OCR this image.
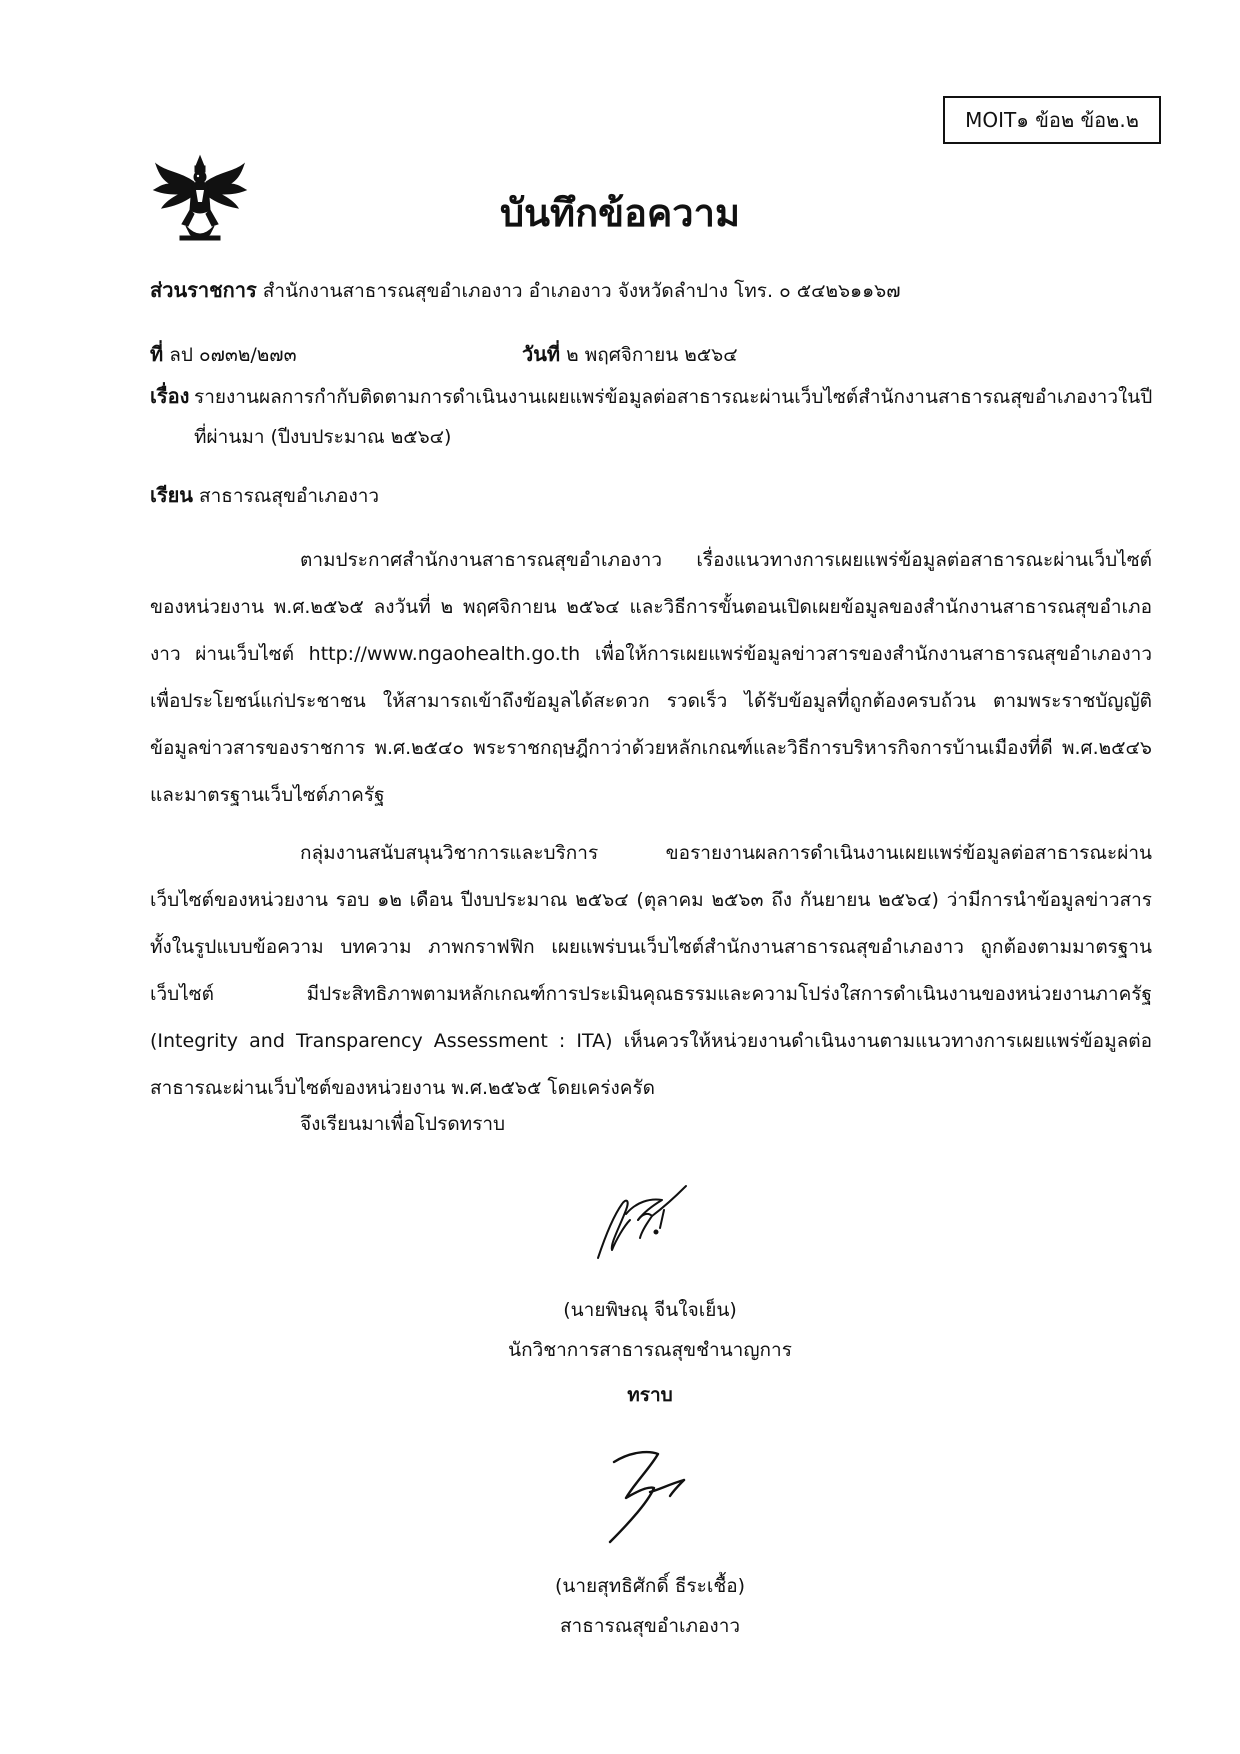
MOIT๑ ข้อ๒ ข้อ๒.๒
บันทึกข้อความ
ส่วนราชการ สำนักงานสาธารณสุขอำเภองาว อำเภองาว จังหวัดลำปาง โทร. ๐ ๕๔๒๖๑๑๖๗
ที่ ลป ๐๗๓๒/๒๗๓	วันที่ ๒ พฤศจิกายน ๒๕๖๔
เรื่อง รายงานผลการกำกับติดตามการดำเนินงานเผยแพร่ข้อมูลต่อสาธารณะผ่านเว็บไซต์สำนักงานสาธารณสุขอำเภองาวในปีที่ผ่านมา (ปีงบประมาณ ๒๕๖๔)
เรียน สาธารณสุขอำเภองาว

ตามประกาศสำนักงานสาธารณสุขอำเภองาว เรื่องแนวทางการเผยแพร่ข้อมูลต่อสาธารณะผ่านเว็บไซต์ของหน่วยงาน พ.ศ.๒๕๖๕ ลงวันที่ ๒ พฤศจิกายน ๒๕๖๔ และวิธีการขั้นตอนเปิดเผยข้อมูลของสำนักงานสาธารณสุขอำเภองาว ผ่านเว็บไซต์ http://www.ngaohealth.go.th เพื่อให้การเผยแพร่ข้อมูลข่าวสารของสำนักงานสาธารณสุขอำเภองาว เพื่อประโยชน์แก่ประชาชน ให้สามารถเข้าถึงข้อมูลได้สะดวก รวดเร็ว ได้รับข้อมูลที่ถูกต้องครบถ้วน ตามพระราชบัญญัติข้อมูลข่าวสารของราชการ พ.ศ.๒๕๔๐ พระราชกฤษฎีกาว่าด้วยหลักเกณฑ์และวิธีการบริหารกิจการบ้านเมืองที่ดี พ.ศ.๒๕๔๖ และมาตรฐานเว็บไซต์ภาครัฐ

กลุ่มงานสนับสนุนวิชาการและบริการ ขอรายงานผลการดำเนินงานเผยแพร่ข้อมูลต่อสาธารณะผ่านเว็บไซต์ของหน่วยงาน รอบ ๑๒ เดือน ปีงบประมาณ ๒๕๖๔ (ตุลาคม ๒๕๖๓ ถึง กันยายน ๒๕๖๔) ว่ามีการนำข้อมูลข่าวสารทั้งในรูปแบบข้อความ บทความ ภาพกราฟฟิก เผยแพร่บนเว็บไซต์สำนักงานสาธารณสุขอำเภองาว ถูกต้องตามมาตรฐานเว็บไซต์ มีประสิทธิภาพตามหลักเกณฑ์การประเมินคุณธรรมและความโปร่งใสการดำเนินงานของหน่วยงานภาครัฐ (Integrity and Transparency Assessment : ITA) เห็นควรให้หน่วยงานดำเนินงานตามแนวทางการเผยแพร่ข้อมูลต่อสาธารณะผ่านเว็บไซต์ของหน่วยงาน พ.ศ.๒๕๖๕ โดยเคร่งครัด

จึงเรียนมาเพื่อโปรดทราบ
(นายพิษณุ จีนใจเย็น)
นักวิชาการสาธารณสุขชำนาญการ
ทราบ
(นายสุทธิศักดิ์ ธีระเชื้อ)
สาธารณสุขอำเภองาว
